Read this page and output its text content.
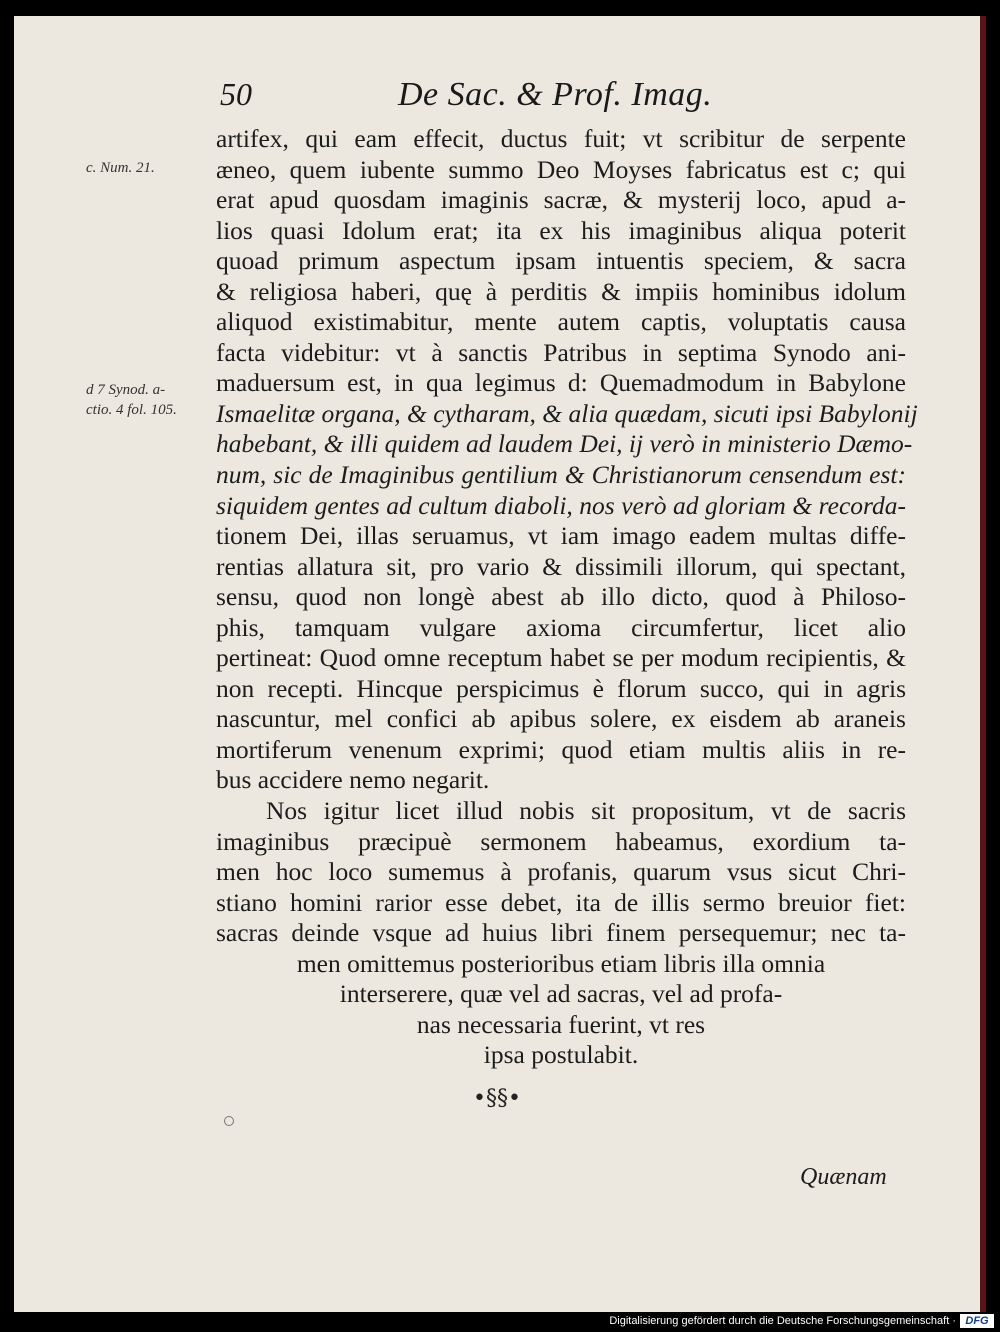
50	De Sac. & Prof. Imag.
c. Num. 21.
d 7 Synod. a-
ctio. 4 fol. 105.
artifex, qui eam effecit, ductus fuit; vt scribitur de serpente
æneo, quem iubente summo Deo Moyses fabricatus est c; qui
erat apud quosdam imaginis sacræ, & mysterij loco, apud a-
lios quasi Idolum erat; ita ex his imaginibus aliqua poterit
quoad primum aspectum ipsam intuentis speciem, & sacra
& religiosa haberi, quę à perditis & impiis hominibus idolum
aliquod existimabitur, mente autem captis, voluptatis causa
facta videbitur: vt à sanctis Patribus in septima Synodo ani-
maduersum est, in qua legimus d: Quemadmodum in Babylone
Ismaelitæ organa, & cytharam, & alia quædam, sicuti ipsi Babylonij
habebant, & illi quidem ad laudem Dei, ij verò in ministerio Dæmo-
num, sic de Imaginibus gentilium & Christianorum censendum est:
siquidem gentes ad cultum diaboli, nos verò ad gloriam & recorda-
tionem Dei, illas seruamus, vt iam imago eadem multas diffe-
rentias allatura sit, pro vario & dissimili illorum, qui spectant,
sensu, quod non longè abest ab illo dicto, quod à Philoso-
phis, tamquam vulgare axioma circumfertur, licet alio
pertineat: Quod omne receptum habet se per modum recipientis, &
non recepti. Hincque perspicimus è florum succo, qui in agris
nascuntur, mel confici ab apibus solere, ex eisdem ab araneis
mortiferum venenum exprimi; quod etiam multis aliis in re-
bus accidere nemo negarit.
Nos igitur licet illud nobis sit propositum, vt de sacris
imaginibus præcipuè sermonem habeamus, exordium ta-
men hoc loco sumemus à profanis, quarum vsus sicut Chri-
stiano homini rarior esse debet, ita de illis sermo breuior fiet:
sacras deinde vsque ad huius libri finem persequemur; nec ta-
men omittemus posterioribus etiam libris illa omnia
interserere, quæ vel ad sacras, vel ad profa-
nas necessaria fuerint, vt res
ipsa postulabit.
•§§•
Quænam
Digitalisierung gefördert durch die Deutsche Forschungsgemeinschaft · DFG
